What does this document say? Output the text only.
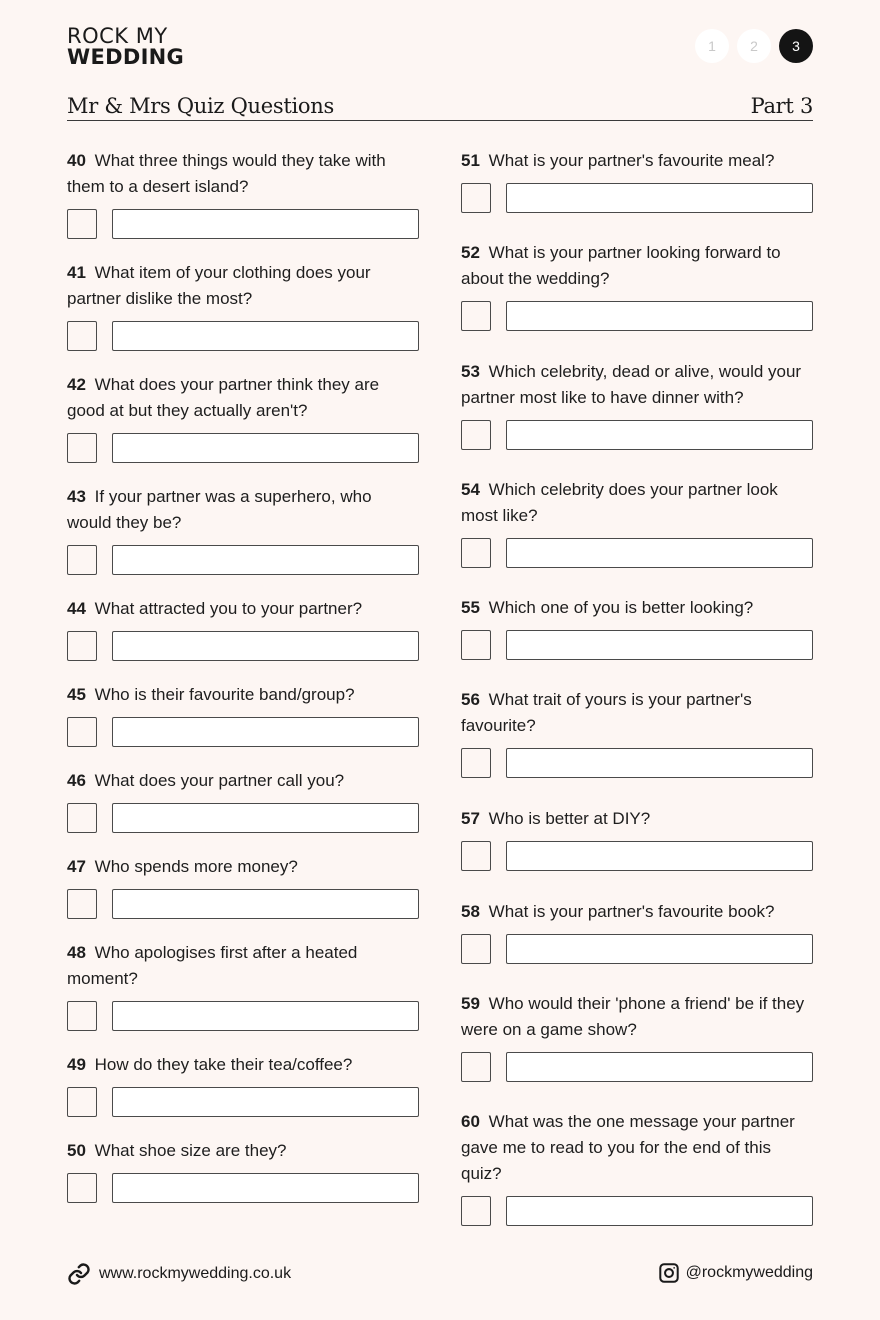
ROCK MY
WEDDING	1	2	3
Mr & Mrs Quiz Questions	Part 3
40 What three things would they take with them to a desert island?
41 What item of your clothing does your partner dislike the most?
42 What does your partner think they are good at but they actually aren't?
43 If your partner was a superhero, who would they be?
44 What attracted you to your partner?
45 Who is their favourite band/group?
46 What does your partner call you?
47 Who spends more money?
48 Who apologises first after a heated moment?
49 How do they take their tea/coffee?
50 What shoe size are they?
51 What is your partner's favourite meal?
52 What is your partner looking forward to about the wedding?
53 Which celebrity, dead or alive, would your partner most like to have dinner with?
54 Which celebrity does your partner look most like?
55 Which one of you is better looking?
56 What trait of yours is your partner's favourite?
57 Who is better at DIY?
58 What is your partner's favourite book?
59 Who would their 'phone a friend' be if they were on a game show?
60 What was the one message your partner gave me to read to you for the end of this quiz?
www.rockmywedding.co.uk	@rockmywedding
